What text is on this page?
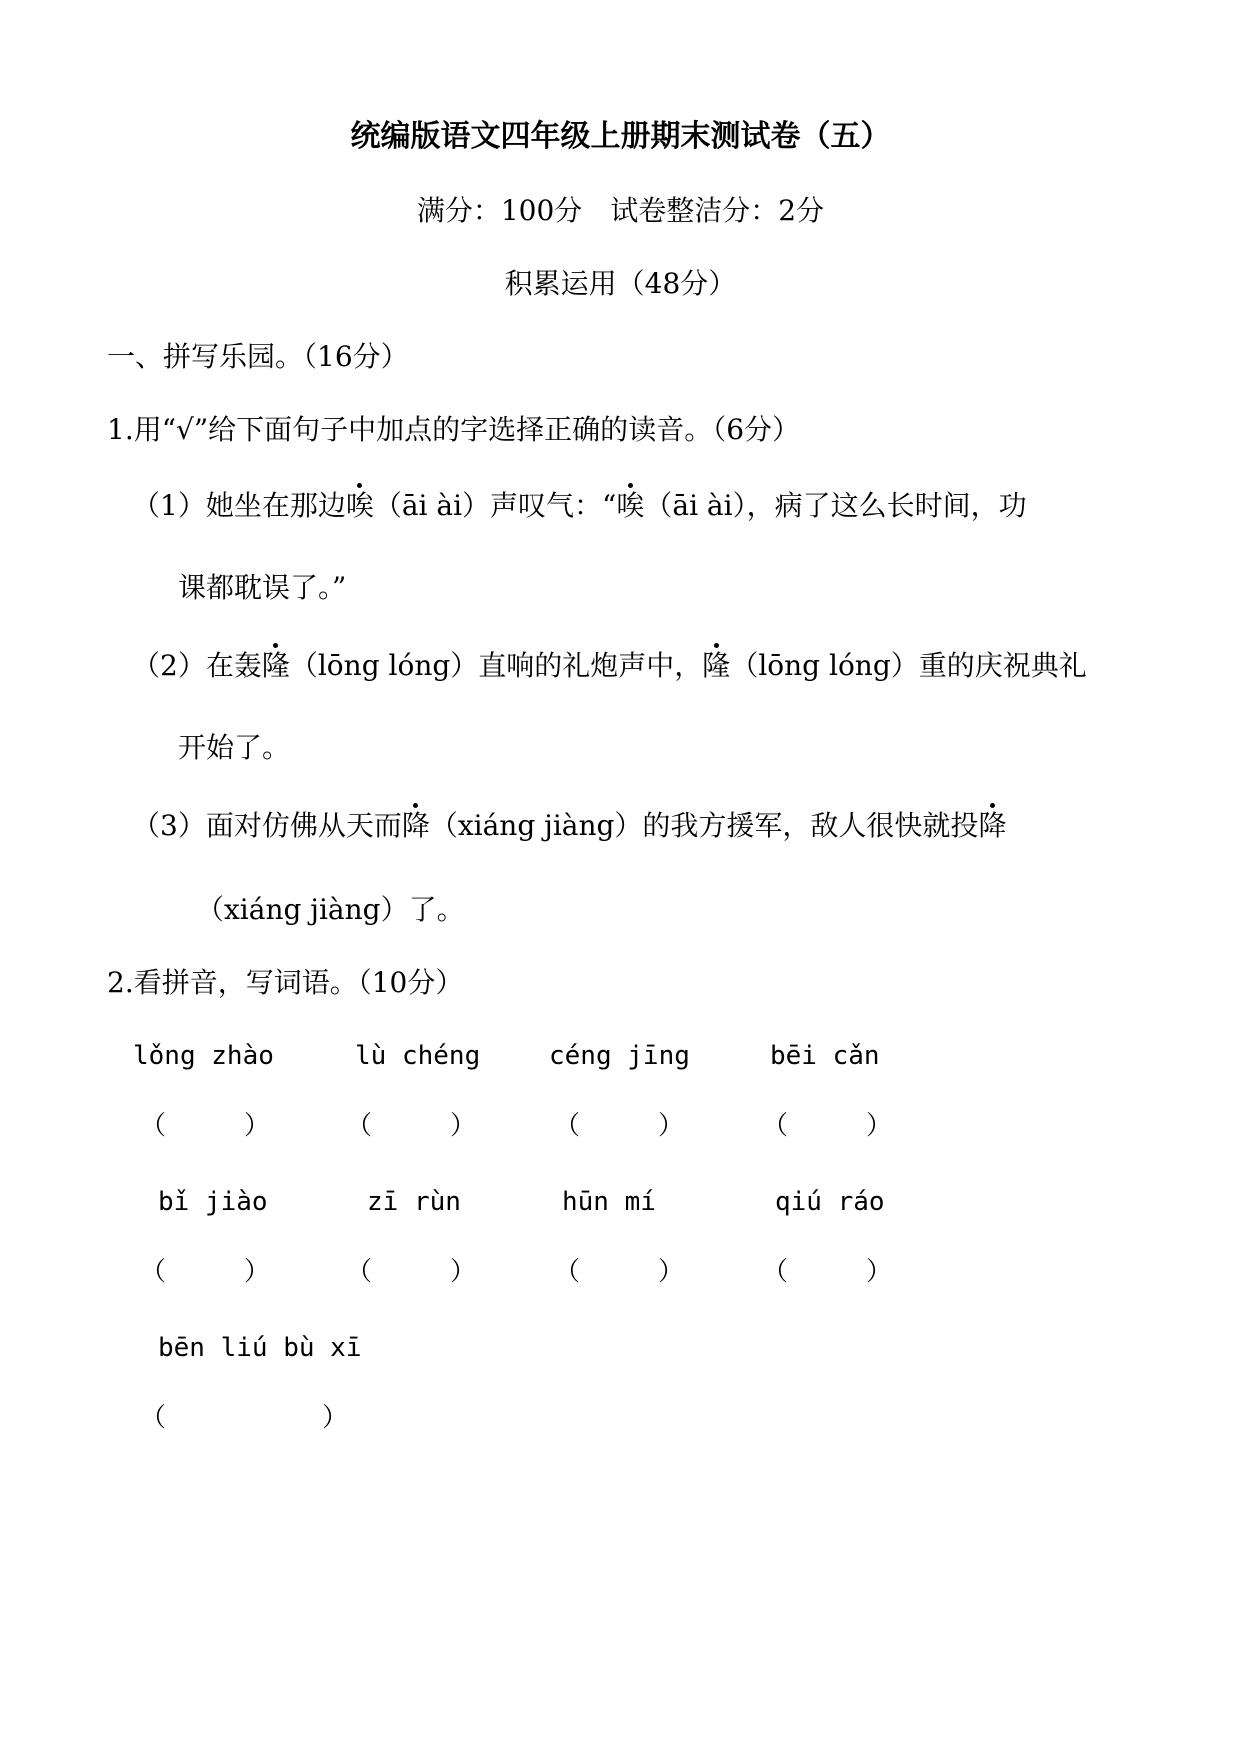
统编版语文四年级上册期末测试卷（五）
满分：100分　试卷整洁分：2分
积累运用（48分）
一、拼写乐园。（16分）
1.用“√”给下面句子中加点的字选择正确的读音。（6分）
（1）她坐在那边唉（āi ài）声叹气：“唉（āi ài），病了这么长时间，功
课都耽误了。”
（2）在轰隆（lōng lóng）直响的礼炮声中，隆（lōng lóng）重的庆祝典礼
开始了。
（3）面对仿佛从天而降（xiáng jiàng）的我方援军，敌人很快就投降
（xiáng jiàng）了。
2.看拼音，写词语。（10分）
lǒng zhào	lù chéng	céng jīng	bēi cǎn
（　　　）	（　　　）	（　　　）	（　　　）
bǐ jiào	zī rùn	hūn mí	qiú ráo
（　　　）	（　　　）	（　　　）	（　　　）
bēn liú bù xī
（　　　　　　）
